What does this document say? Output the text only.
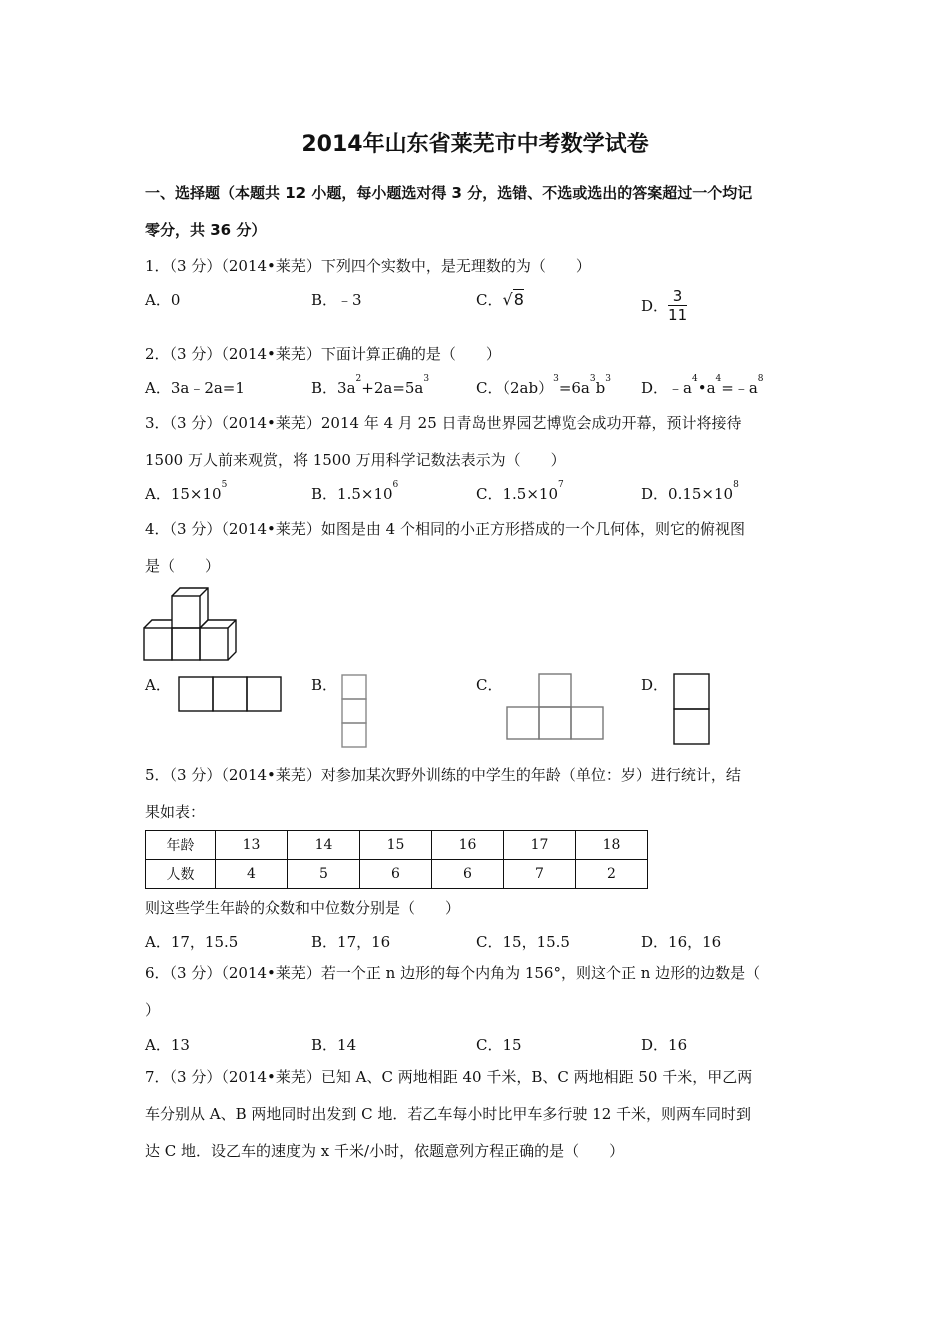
2014年山东省莱芜市中考数学试卷
一、选择题（本题共 12 小题，每小题选对得 3 分，选错、不选或选出的答案超过一个均记
零分，共 36 分）
1．（3 分）（2014•莱芜）下列四个实数中，是无理数的为（　　）
A．0	B．﹣3	C．√8	D． $\frac{3}{11}$
2．（3 分）（2014•莱芜）下面计算正确的是（　　）
A．3a﹣2a=1	B．$3a^2+2a=5a^3$	C．$(2ab)^3=6a^3b^3$ D．$﹣a^4•a^4=﹣a^8$
3．（3 分）（2014•莱芜）2014 年 4 月 25 日青岛世界园艺博览会成功开幕，预计将接待
1500 万人前来观赏，将 1500 万用科学记数法表示为（　　）
A．$15\times 10^5$	B．$1.5\times 10^6$	C．$1.5\times 10^7$	D．$0.15\times 10^8$
4．（3 分）（2014•莱芜）如图是由 4 个相同的小正方形搭成的一个几何体，则它的俯视图
是（　　）
A．	B．	C．	D．
5．（3 分）（2014•莱芜）对参加某次野外训练的中学生的年龄（单位：岁）进行统计，结
果如表：
年龄	13	14	15	16	17	18
人数	4	5	6	6	7	2
则这些学生年龄的众数和中位数分别是（　　）
A．17，15.5	B．17，16	C．15，15.5	D．16，16
6．（3 分）（2014•莱芜）若一个正 n 边形的每个内角为 156°，则这个正 n 边形的边数是（
）
A．13	B．14	C．15	D．16
7．（3 分）（2014•莱芜）已知 A、C 两地相距 40 千米，B、C 两地相距 50 千米，甲乙两
车分别从 A、B 两地同时出发到 C 地．若乙车每小时比甲车多行驶 12 千米，则两车同时到
达 C 地．设乙车的速度为 x 千米/小时，依题意列方程正确的是（　　）
